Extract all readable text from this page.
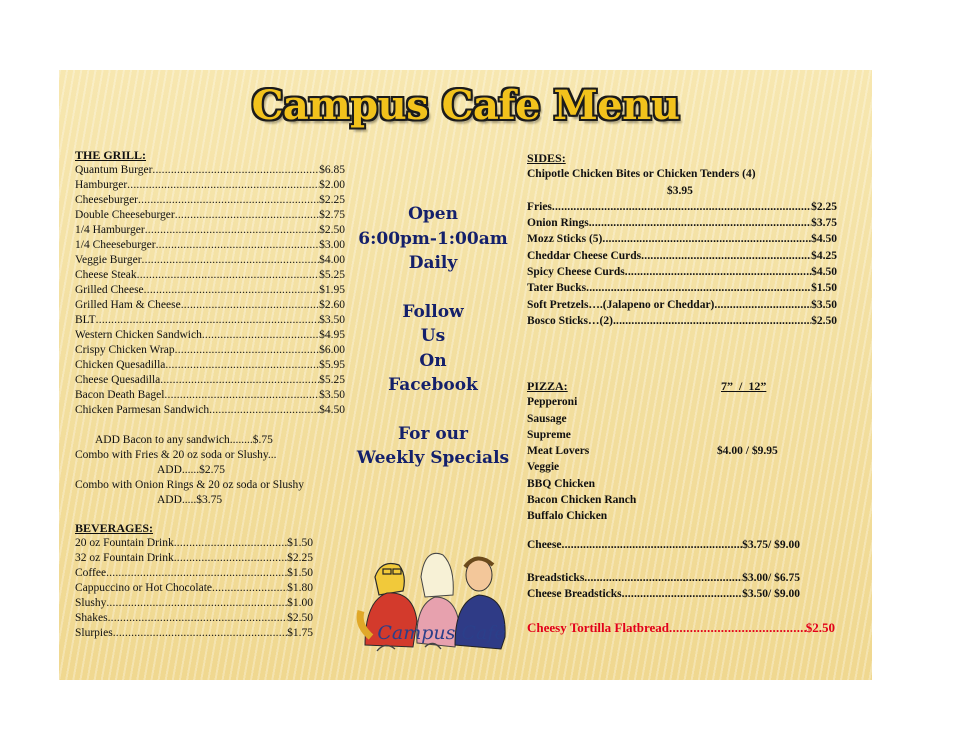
Campus Cafe Menu
THE GRILL:
Quantum Burger .....	$6.85
Hamburger .....	$2.00
Cheeseburger .....	$2.25
Double Cheeseburger .....	$2.75
1/4 Hamburger .....	$2.50
1/4 Cheeseburger .....	$3.00
Veggie Burger .....	$4.00
Cheese Steak .....	$5.25
Grilled Cheese .....	$1.95
Grilled Ham & Cheese .....	$2.60
BLT .....	$3.50
Western Chicken Sandwich .....	$4.95
Crispy Chicken Wrap .....	$6.00
Chicken Quesadilla .....	$5.95
Cheese Quesadilla .....	$5.25
Bacon Death Bagel .....	$3.50
Chicken Parmesan Sandwich .....	$4.50
ADD Bacon to any sandwich........$.75
Combo with Fries & 20 oz soda or Slushy...
ADD......$2.75
Combo with Onion Rings & 20 oz soda or Slushy
ADD.....$3.75
BEVERAGES:
20 oz Fountain Drink .....	$1.50
32 oz Fountain Drink .....	$2.25
Coffee .....	$1.50
Cappuccino or Hot Chocolate .....	$1.80
Slushy .....	$1.00
Shakes .....	$2.50
Slurpies .....	$1.75
Open
6:00pm-1:00am
Daily
Follow
Us
On
Facebook
For our
Weekly Specials
Campus Café
SIDES:
Chipotle Chicken Bites or Chicken Tenders (4)
$3.95
Fries .....	$2.25
Onion Rings .....	$3.75
Mozz Sticks (5) .....	$4.50
Cheddar Cheese Curds .....	$4.25
Spicy Cheese Curds .....	$4.50
Tater Bucks .....	$1.50
Soft Pretzels….(Jalapeno or Cheddar) .....	$3.50
Bosco Sticks…(2) .....	$2.50
PIZZA:	7”  /  12”
Pepperoni
Sausage
Supreme
Meat Lovers	$4.00 / $9.95
Veggie
BBQ Chicken
Bacon Chicken Ranch
Buffalo Chicken
Cheese .....	$3.75/ $9.00
Breadsticks .....	$3.00/ $6.75
Cheese Breadsticks .....	$3.50/ $9.00
Cheesy Tortilla Flatbread .....	$2.50
